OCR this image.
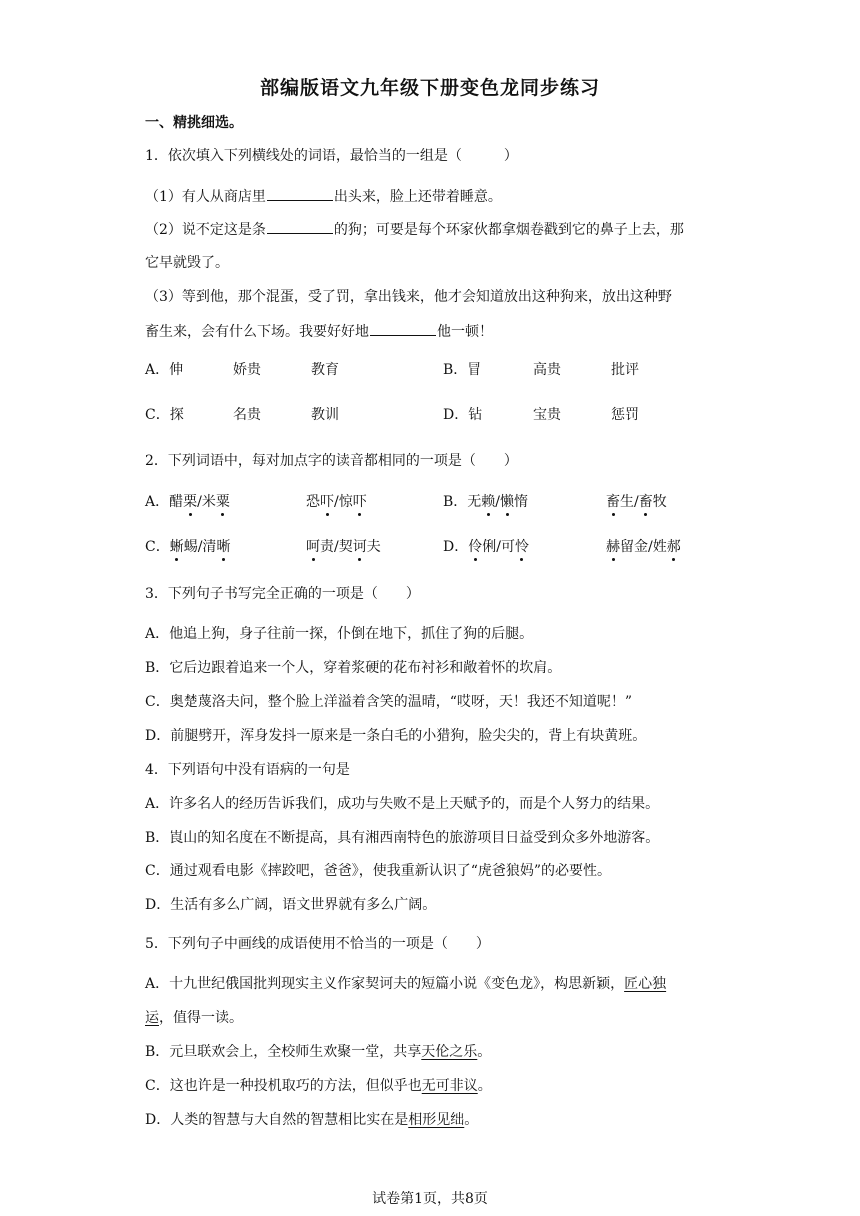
部编版语文九年级下册变色龙同步练习
一、精挑细选。
1．依次填入下列横线处的词语，最恰当的一组是（　　　）
（1）有人从商店里	出头来，脸上还带着睡意。
（2）说不定这是条	的狗；可要是每个环家伙都拿烟卷戳到它的鼻子上去，那
它早就毁了。
（3）等到他，那个混蛋，受了罚，拿出钱来，他才会知道放出这种狗来，放出这种野
畜生来，会有什么下场。我要好好地	他一顿！
A．伸	娇贵	教育	B．冒	高贵	批评
C．探	名贵	教训	D．钻	宝贵	惩罚
2．下列词语中，每对加点字的读音都相同的一项是（　　）
A．醋栗/米粟	恐吓/惊吓	B．无赖/懒惰	畜生/畜牧
C．蜥蜴/清晰	呵责/契诃夫	D．伶俐/可怜	赫留金/姓郝
3．下列句子书写完全正确的一项是（　　）
A．他追上狗，身子往前一探，仆倒在地下，抓住了狗的后腿。
B．它后边跟着追来一个人，穿着浆硬的花布衬衫和敞着怀的坎肩。
C．奥楚蔑洛夫问，整个脸上洋溢着含笑的温晴，“哎呀，天！我还不知道呢！”
D．前腿劈开，浑身发抖一原来是一条白毛的小猎狗，脸尖尖的，背上有块黄班。
4．下列语句中没有语病的一句是
A．许多名人的经历告诉我们，成功与失败不是上天赋予的，而是个人努力的结果。
B．崀山的知名度在不断提高，具有湘西南特色的旅游项目日益受到众多外地游客。
C．通过观看电影《摔跤吧，爸爸》，使我重新认识了“虎爸狼妈”的必要性。
D．生活有多么广阔，语文世界就有多么广阔。
5．下列句子中画线的成语使用不恰当的一项是（　　）
A．十九世纪俄国批判现实主义作家契诃夫的短篇小说《变色龙》，构思新颖，匠心独
运，值得一读。
B．元旦联欢会上，全校师生欢聚一堂，共享天伦之乐。
C．这也许是一种投机取巧的方法，但似乎也无可非议。
D．人类的智慧与大自然的智慧相比实在是相形见绌。
试卷第1页，共8页
